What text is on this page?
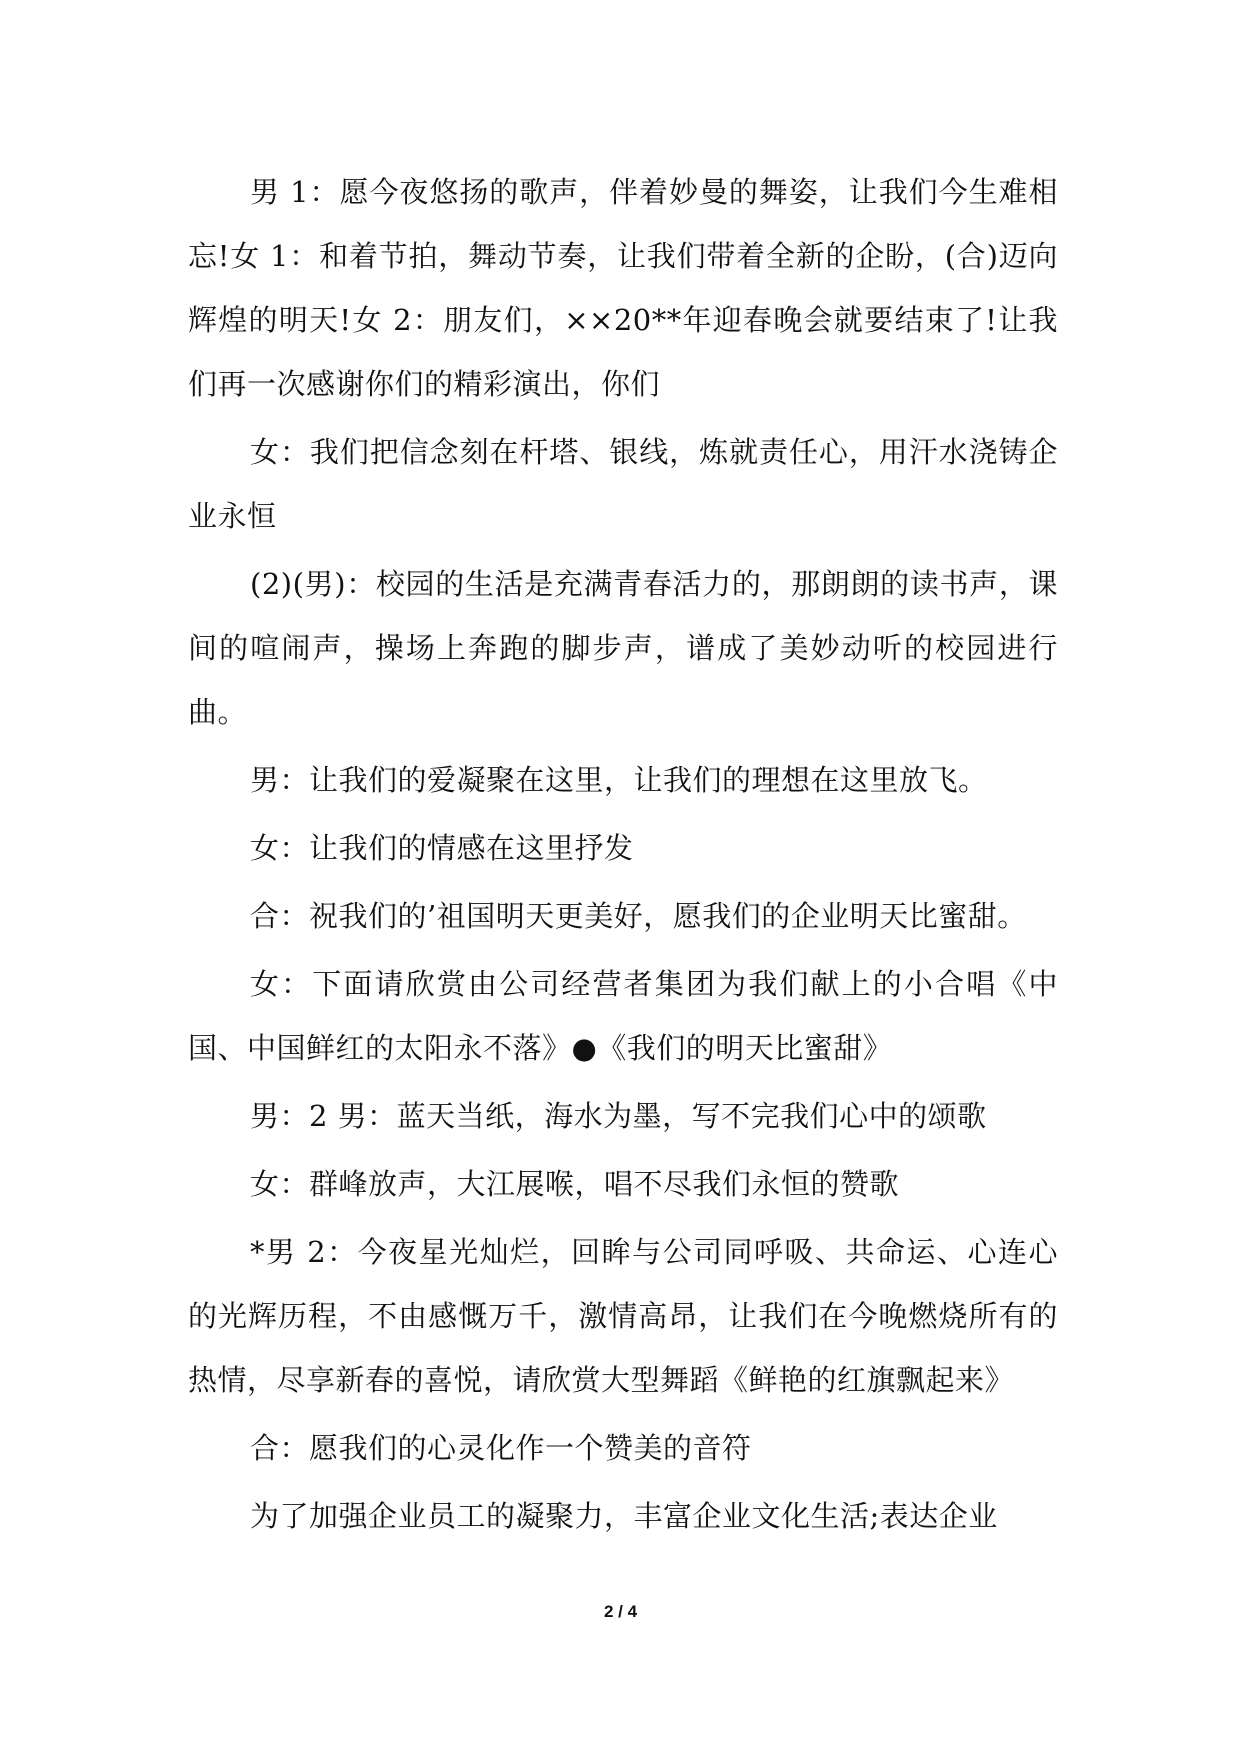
男 1：愿今夜悠扬的歌声，伴着妙曼的舞姿，让我们今生难相忘!女 1：和着节拍，舞动节奏，让我们带着全新的企盼，(合)迈向辉煌的明天!女 2：朋友们，××20**年迎春晚会就要结束了!让我们再一次感谢你们的精彩演出，你们

女：我们把信念刻在杆塔、银线，炼就责任心，用汗水浇铸企业永恒

(2)(男)：校园的生活是充满青春活力的，那朗朗的读书声，课间的喧闹声，操场上奔跑的脚步声，谱成了美妙动听的校园进行曲。

男：让我们的爱凝聚在这里，让我们的理想在这里放飞。

女：让我们的情感在这里抒发

合：祝我们的’祖国明天更美好，愿我们的企业明天比蜜甜。

女：下面请欣赏由公司经营者集团为我们献上的小合唱《中国、中国鲜红的太阳永不落》●《我们的明天比蜜甜》

男：2 男：蓝天当纸，海水为墨，写不完我们心中的颂歌

女：群峰放声，大江展喉，唱不尽我们永恒的赞歌

*男 2：今夜星光灿烂，回眸与公司同呼吸、共命运、心连心的光辉历程，不由感慨万千，激情高昂，让我们在今晚燃烧所有的热情，尽享新春的喜悦，请欣赏大型舞蹈《鲜艳的红旗飘起来》

合：愿我们的心灵化作一个赞美的音符

为了加强企业员工的凝聚力，丰富企业文化生活;表达企业

2 / 4
